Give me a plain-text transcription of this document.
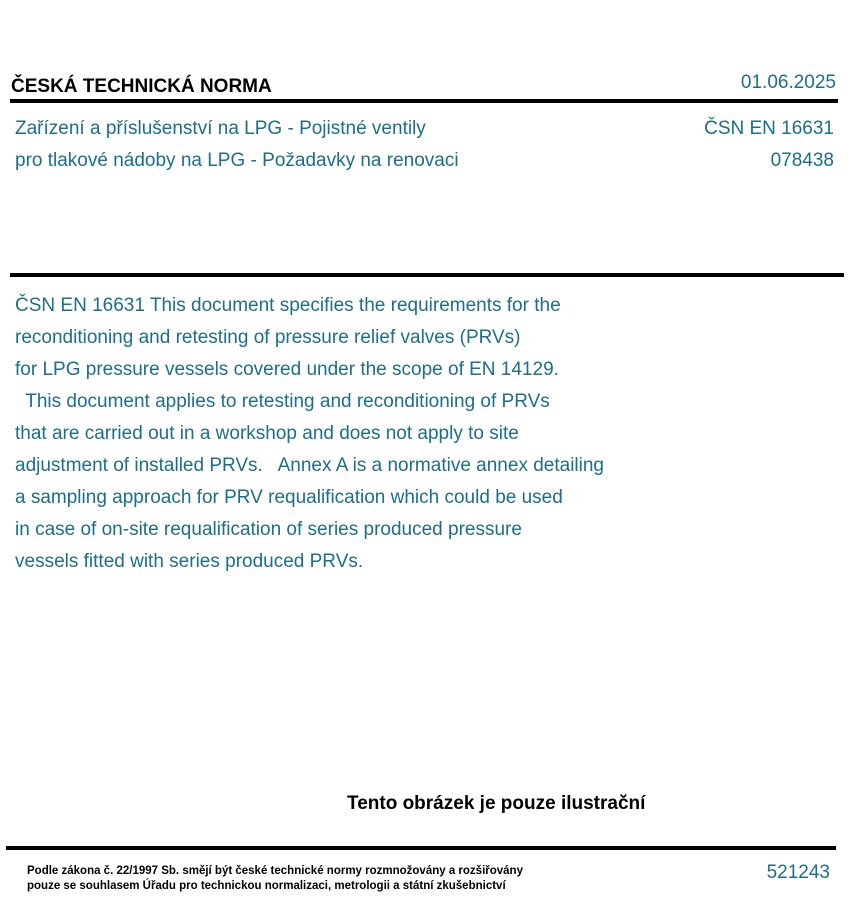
ČESKÁ TECHNICKÁ NORMA	01.06.2025
Zařízení a příslušenství na LPG - Pojistné ventily
pro tlakové nádoby na LPG - Požadavky na renovaci
ČSN EN 16631
078438
ČSN EN 16631 This document specifies the requirements for the
reconditioning and retesting of pressure relief valves (PRVs)
for LPG pressure vessels covered under the scope of EN 14129.
This document applies to retesting and reconditioning of PRVs
that are carried out in a workshop and does not apply to site
adjustment of installed PRVs.   Annex A is a normative annex detailing
a sampling approach for PRV requalification which could be used
in case of on-site requalification of series produced pressure
vessels fitted with series produced PRVs.
Tento obrázek je pouze ilustrační
Podle zákona č. 22/1997 Sb. smějí být české technické normy rozmnožovány a rozšiřovány
pouze se souhlasem Úřadu pro technickou normalizaci, metrologii a státní zkušebnictví
521243
